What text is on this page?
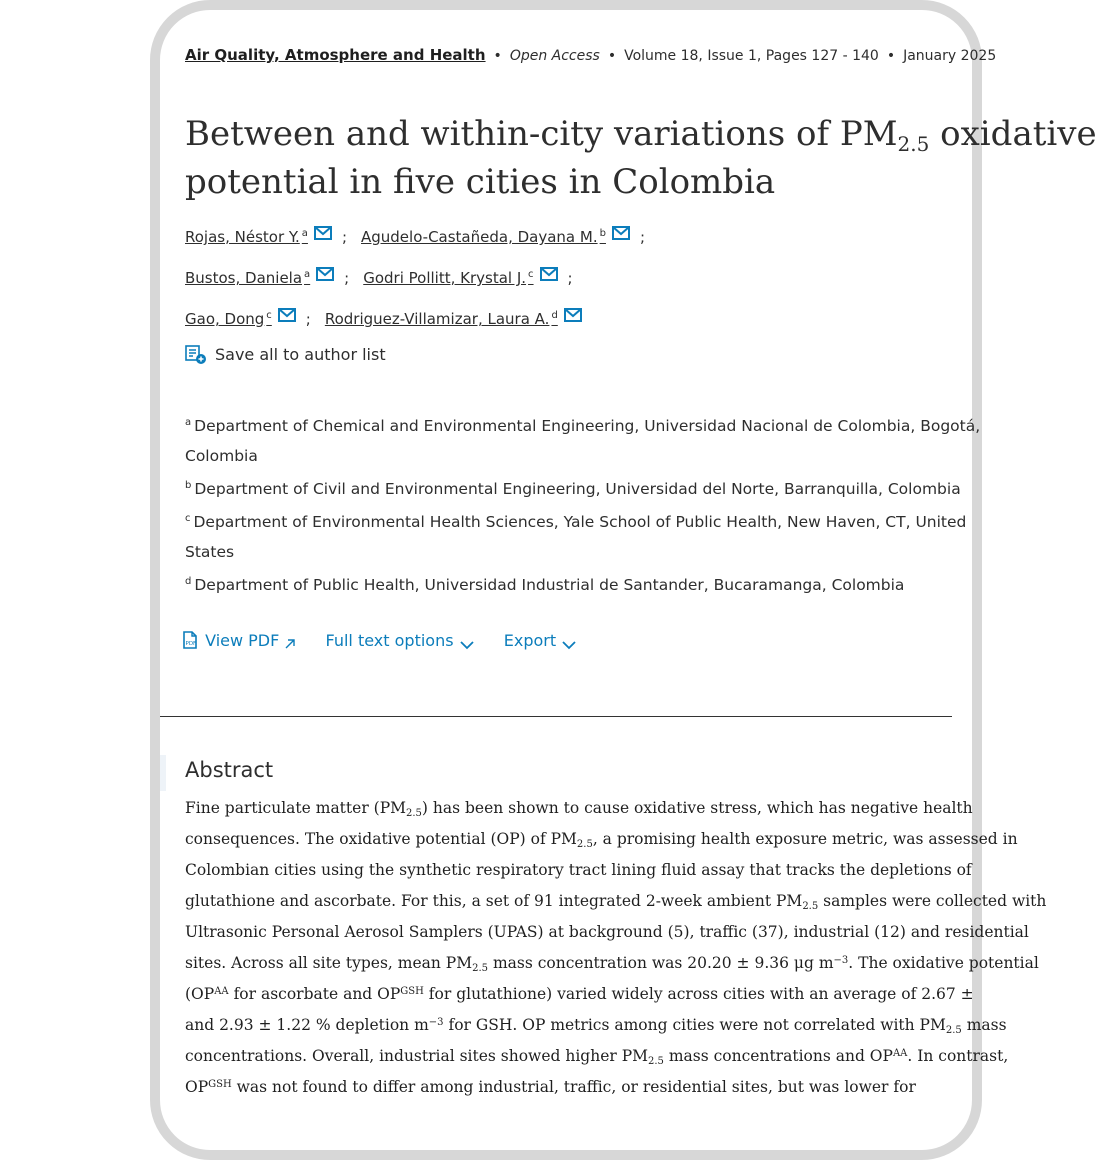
Air Quality, Atmosphere and Health • Open Access • Volume 18, Issue 1, Pages 127 - 140 • January 2025
Between and within-city variations of $PM_{2.5}$ oxidative
potential in five cities in Colombia
Rojas, Néstor Y. $^a$ ; Agudelo-Castañeda, Dayana M. $^b$ ;
Bustos, Daniela $^a$ ; Godri Pollitt, Krystal J. $^c$ ;
Gao, Dong $^c$ ; Rodriguez-Villamizar, Laura A. $^d$
Save all to author list
$^a$ Department of Chemical and Environmental Engineering, Universidad Nacional de Colombia, Bogotá, Colombia
$^b$ Department of Civil and Environmental Engineering, Universidad del Norte, Barranquilla, Colombia
$^c$ Department of Environmental Health Sciences, Yale School of Public Health, New Haven, CT, United States
$^d$ Department of Public Health, Universidad Industrial de Santander, Bucaramanga, Colombia
PDF View PDF	Full text options	Export
Abstract
Fine particulate matter $(PM_{2.5})$ has been shown to cause oxidative stress, which has negative health
consequences. The oxidative potential (OP) of $PM_{2.5}$, a promising health exposure metric, was assessed in
Colombian cities using the synthetic respiratory tract lining fluid assay that tracks the depletions of
glutathione and ascorbate. For this, a set of 91 integrated 2-week ambient $PM_{2.5}$ samples were collected with
Ultrasonic Personal Aerosol Samplers (UPAS) at background (5), traffic (37), industrial (12) and residential
sites. Across all site types, mean $PM_{2.5}$ mass concentration was 20.20 ± 9.36 μg $m^{-3}$. The oxidative potential
($OP^{AA}$ for ascorbate and $OP^{GSH}$ for glutathione) varied widely across cities with an average of 2.67 ±
and 2.93 ± 1.22 % depletion $m^{-3}$ for GSH. OP metrics among cities were not correlated with $PM_{2.5}$ mass
concentrations. Overall, industrial sites showed higher $PM_{2.5}$ mass concentrations and $OP^{AA}$. In contrast,
$OP^{GSH}$ was not found to differ among industrial, traffic, or residential sites, but was lower for
